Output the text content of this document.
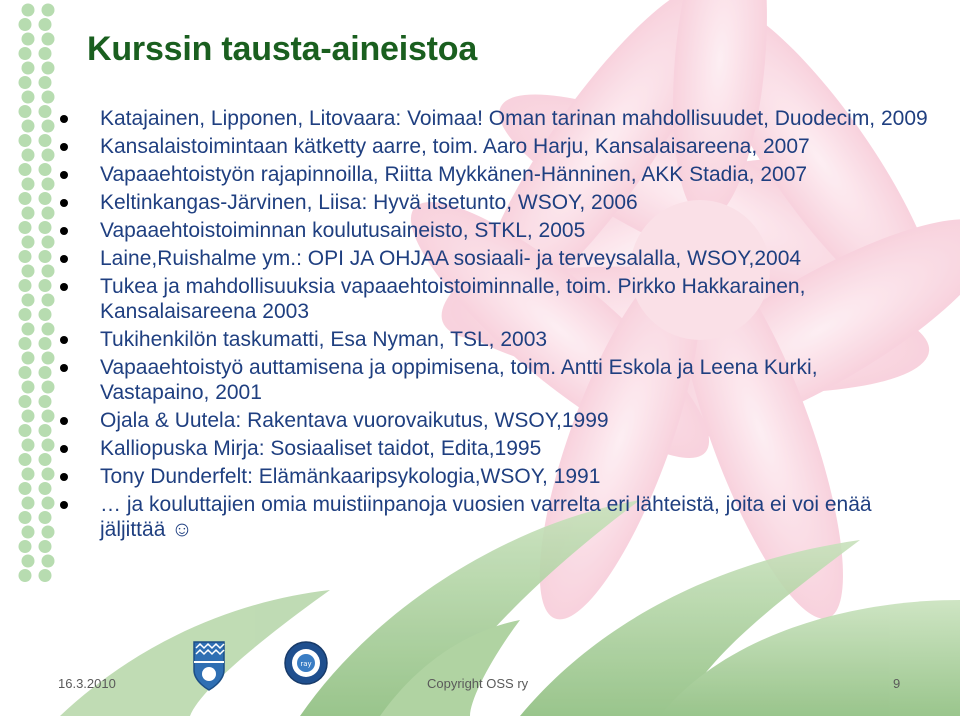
Kurssin tausta-aineistoa
Katajainen, Lipponen, Litovaara: Voimaa! Oman tarinan mahdollisuudet, Duodecim, 2009
Kansalaistoimintaan kätketty aarre, toim. Aaro Harju, Kansalaisareena, 2007
Vapaaehtoistyön rajapinnoilla, Riitta Mykkänen-Hänninen, AKK Stadia, 2007
Keltinkangas-Järvinen, Liisa: Hyvä itsetunto, WSOY, 2006
Vapaaehtoistoiminnan koulutusaineisto, STKL, 2005
Laine,Ruishalme ym.: OPI JA OHJAA sosiaali- ja terveysalalla, WSOY,2004
Tukea ja mahdollisuuksia vapaaehtoistoiminnalle, toim. Pirkko Hakkarainen, Kansalaisareena 2003
Tukihenkilön taskumatti, Esa Nyman, TSL, 2003
Vapaaehtoistyö auttamisena ja oppimisena, toim. Antti Eskola ja Leena Kurki, Vastapaino, 2001
Ojala & Uutela: Rakentava vuorovaikutus, WSOY,1999
Kalliopuska Mirja: Sosiaaliset taidot, Edita,1995
Tony Dunderfelt: Elämänkaaripsykologia,WSOY, 1991
… ja kouluttajien omia muistiinpanoja vuosien varrelta eri lähteistä, joita ei voi enää jäljittää ☺
ray
16.3.2010	Copyright OSS ry	9
